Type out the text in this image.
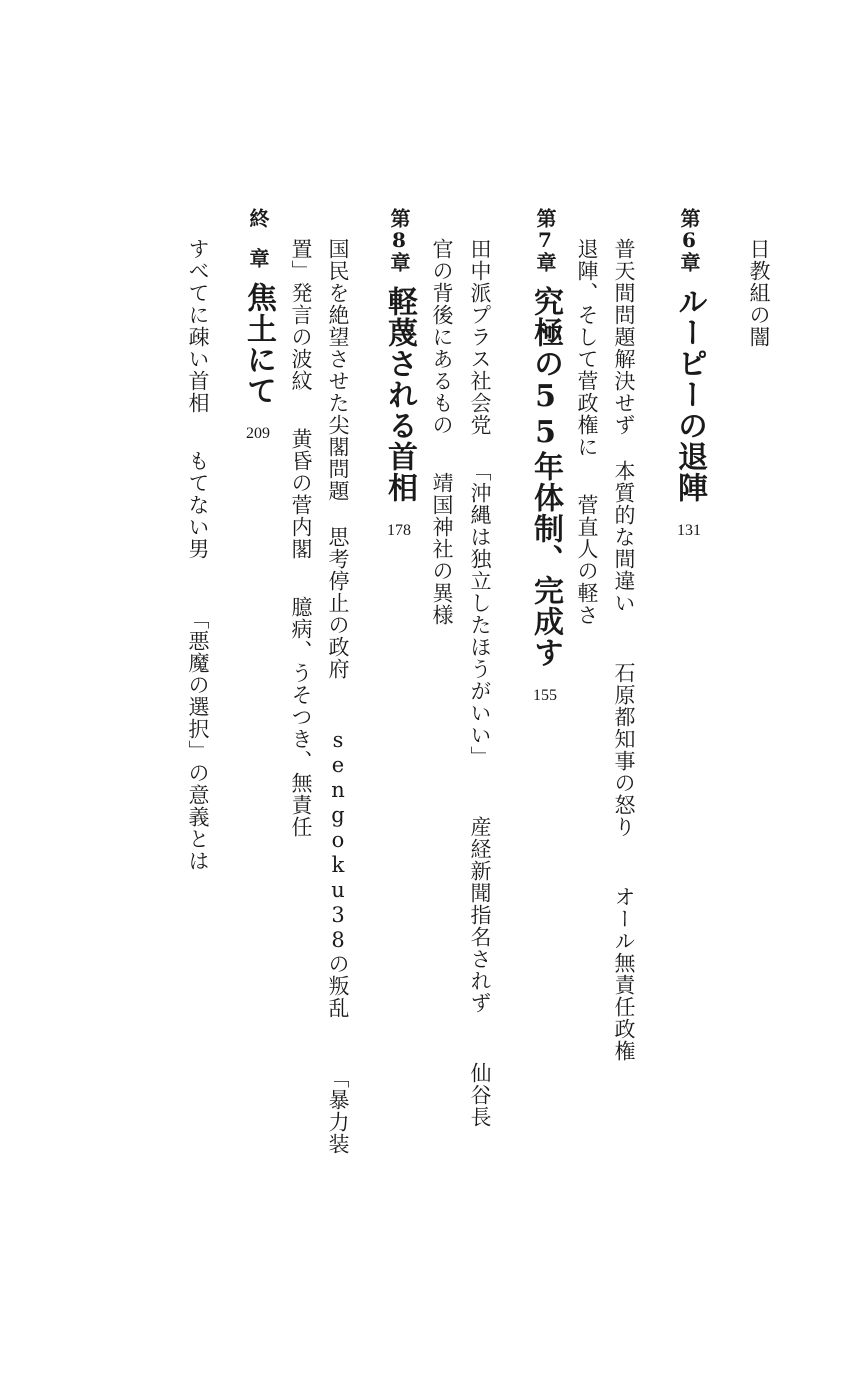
日教組の闇
第6章ルーピーの退陣131
普天間問題解決せず本質的な間違い石原都知事の怒りオール無責任政権
退陣、そして菅政権に菅直人の軽さ
第7章究極の55年体制、完成す155
田中派プラス社会党「沖縄は独立したほうがいい」産経新聞指名されず仙谷長
官の背後にあるもの靖国神社の異様
第8章軽蔑される首相178
国民を絶望させた尖閣問題思考停止の政府sengoku38の叛乱「暴力装
置」発言の波紋黄昏の菅内閣臆病、うそつき、無責任
終　章焦土にて209
すべてに疎い首相もてない男「悪魔の選択」の意義とは
